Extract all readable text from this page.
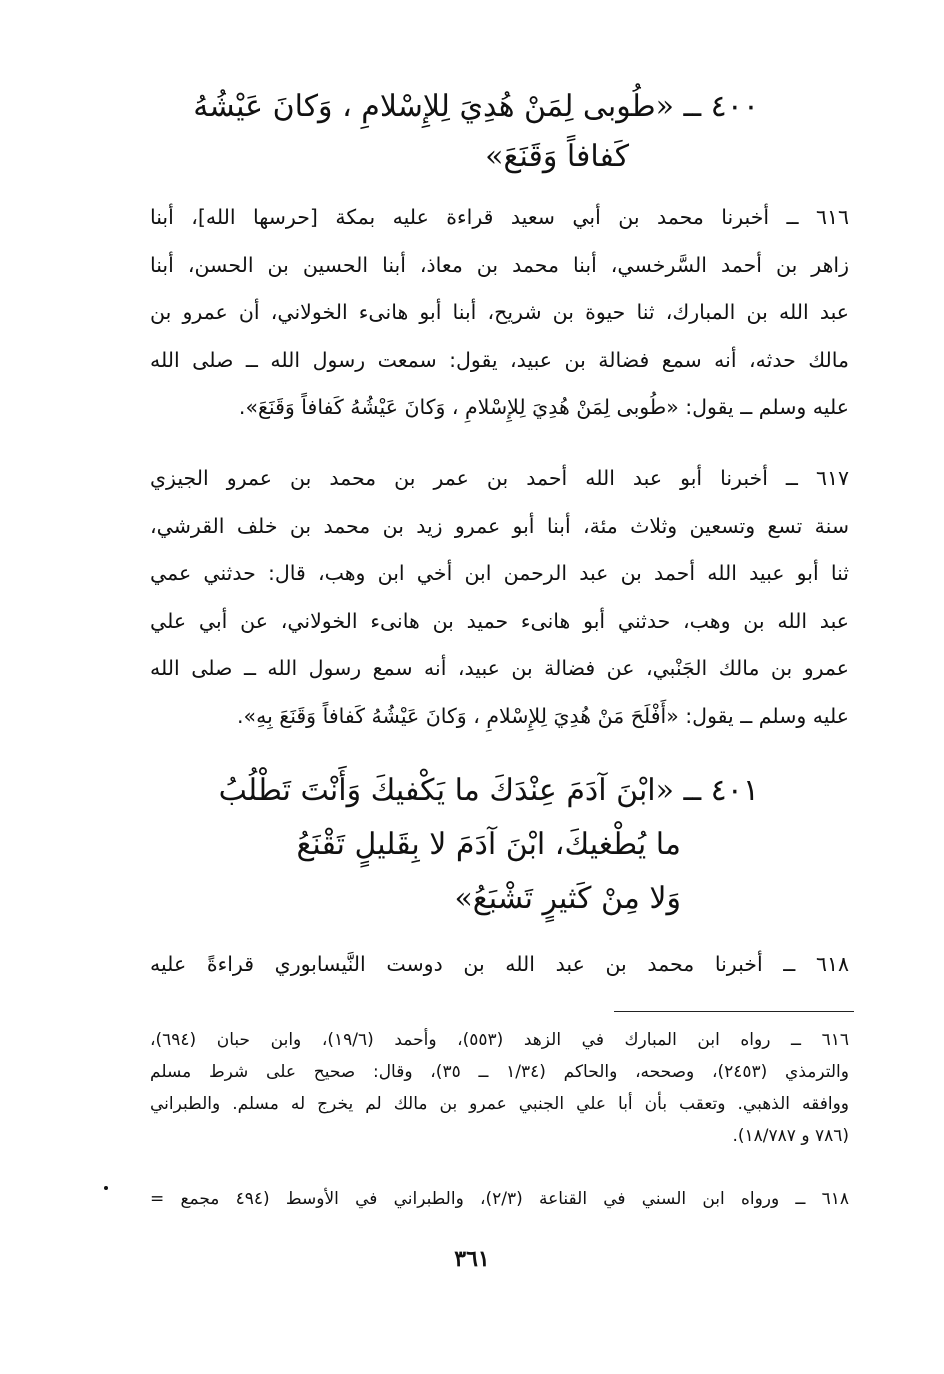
٤٠٠ ــ «طُوبى لِمَنْ هُدِيَ لِلإِسْلامِ ، وَكانَ عَيْشُهُ
كَفافاً وَقَنَعَ»
٦١٦ ــ أخبرنا محمد بن أبي سعيد قراءة عليه بمكة [حرسها الله]، أبنا
زاهر بن أحمد السَّرخسي، أبنا محمد بن معاذ، أبنا الحسين بن الحسن، أبنا
عبد الله بن المبارك، ثنا حيوة بن شريح، أبنا أبو هانىء الخولاني، أن عمرو بن
مالك حدثه، أنه سمع فضالة بن عبيد، يقول: سمعت رسول الله ــ صلى الله
عليه وسلم ــ يقول: «طُوبى لِمَنْ هُدِيَ لِلإِسْلامِ ، وَكانَ عَيْشُهُ كَفافاً وَقَنَعَ».
٦١٧ ــ أخبرنا أبو عبد الله أحمد بن عمر بن محمد بن عمرو الجيزي
سنة تسع وتسعين وثلاث مئة، أبنا أبو عمرو زيد بن محمد بن خلف القرشي،
ثنا أبو عبيد الله أحمد بن عبد الرحمن ابن أخي ابن وهب، قال: حدثني عمي
عبد الله بن وهب، حدثني أبو هانىء حميد بن هانىء الخولاني، عن أبي علي
عمرو بن مالك الجَنْبي، عن فضالة بن عبيد، أنه سمع رسول الله ــ صلى الله
عليه وسلم ــ يقول: «أَفْلَحَ مَنْ هُدِيَ لِلإِسْلامِ ، وَكانَ عَيْشُهُ كَفافاً وَقَنَعَ بِهِ».
٤٠١ ــ «ابْنَ آدَمَ عِنْدَكَ ما يَكْفيكَ وَأَنْتَ تَطْلُبُ
ما يُطْغيكَ، ابْنَ آدَمَ لا بِقَليلٍ تَقْنَعُ
وَلا مِنْ كَثيرٍ تَشْبَعُ»
٦١٨ ــ أخبرنا محمد بن عبد الله بن دوست النَّيسابوري قراءةً عليه
٦١٦ ــ رواه ابن المبارك في الزهد (٥٥٣)، وأحمد (١٩/٦)، وابن حبان (٦٩٤)،
والترمذي (٢٤٥٣)، وصححه، والحاكم (١/٣٤ ــ ٣٥)، وقال: صحيح على شرط مسلم
ووافقه الذهبي. وتعقب بأن أبا علي الجنبي عمرو بن مالك لم يخرج له مسلم. والطبراني
(٧٨٦ و ١٨/٧٨٧).
٦١٨ ــ ورواه ابن السني في القناعة (٢/٣)، والطبراني في الأوسط (٤٩٤ مجمع =
٣٦١
